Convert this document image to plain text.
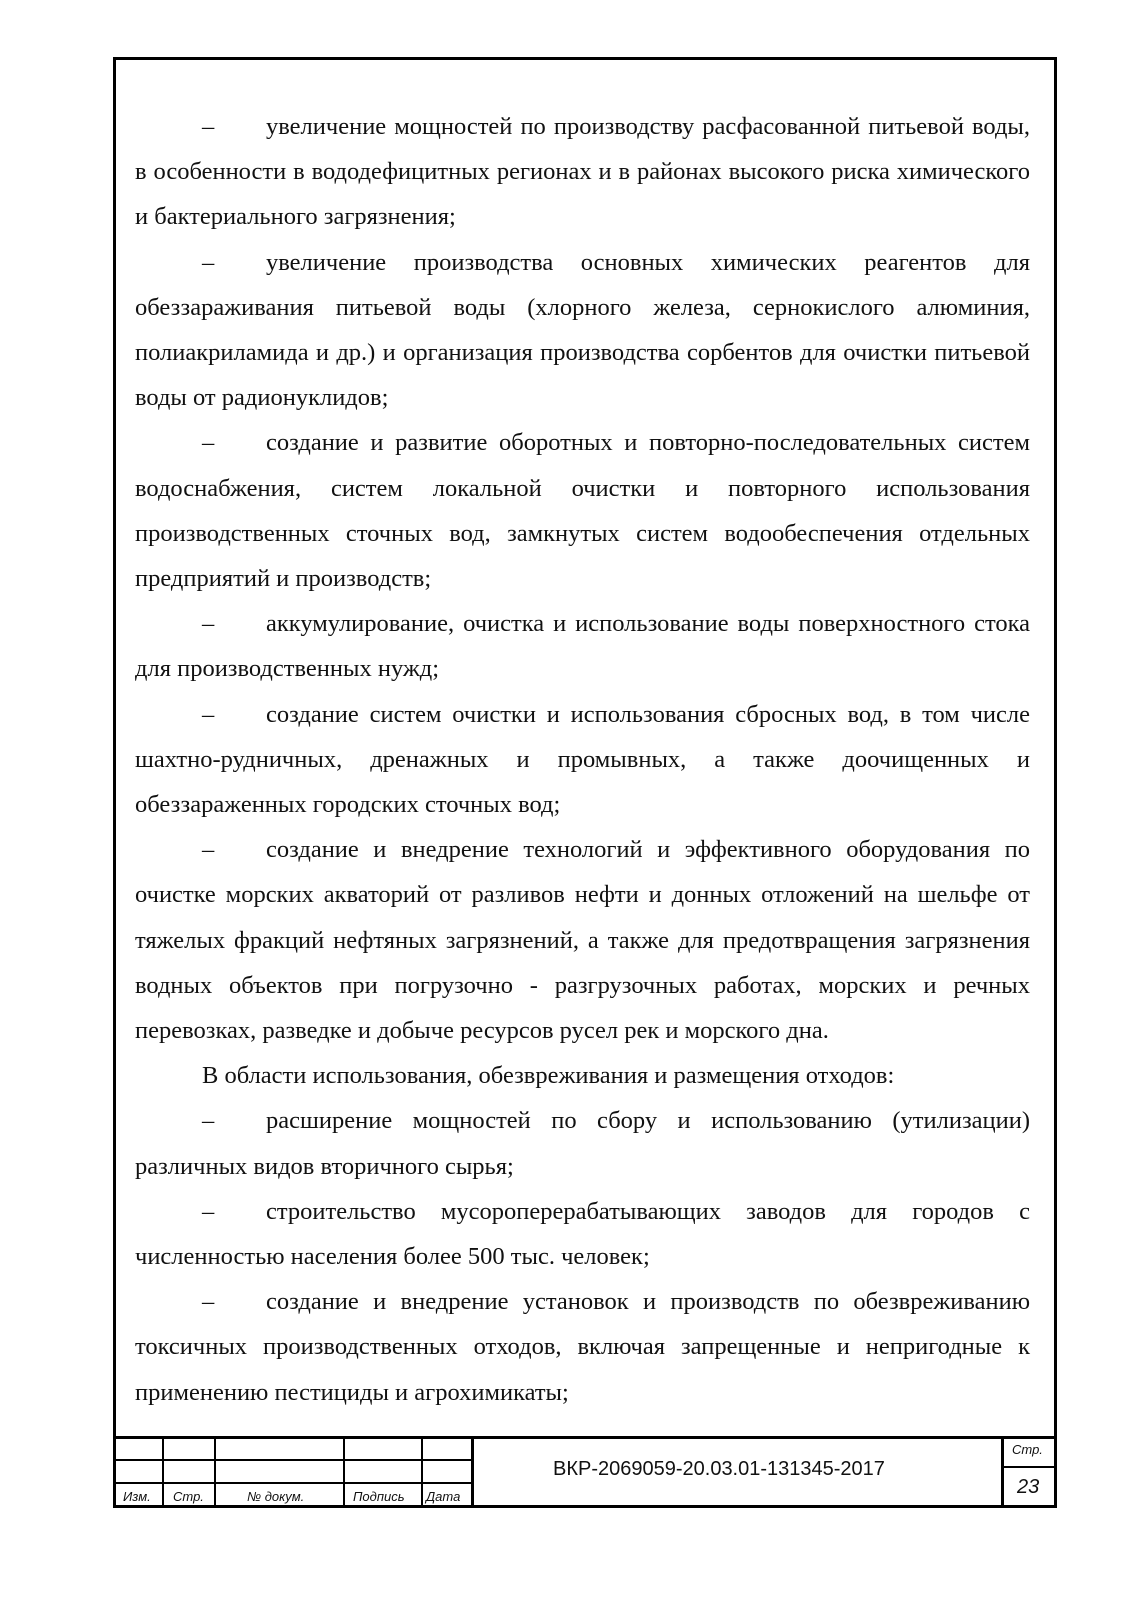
– увеличение мощностей по производству расфасованной питьевой воды, в особенности в вододефицитных регионах и в районах высокого риска химического и бактериального загрязнения;

– увеличение производства основных химических реагентов для обеззараживания питьевой воды (хлорного железа, сернокислого алюминия, полиакриламида и др.) и организация производства сорбентов для очистки питьевой воды от радионуклидов;

– создание и развитие оборотных и повторно-последовательных систем водоснабжения, систем локальной очистки и повторного использования производственных сточных вод, замкнутых систем водообеспечения отдельных предприятий и производств;

– аккумулирование, очистка и использование воды поверхностного стока для производственных нужд;

– создание систем очистки и использования сбросных вод, в том числе шахтно-рудничных, дренажных и промывных, а также доочищенных и обеззараженных городских сточных вод;

– создание и внедрение технологий и эффективного оборудования по очистке морских акваторий от разливов нефти и донных отложений на шельфе от тяжелых фракций нефтяных загрязнений, а также для предотвращения загрязнения водных объектов при погрузочно - разгрузочных работах, морских и речных перевозках, разведке и добыче ресурсов русел рек и морского дна.

В области использования, обезвреживания и размещения отходов:

– расширение мощностей по сбору и использованию (утилизации) различных видов вторичного сырья;

– строительство мусороперерабатывающих заводов для городов с численностью населения более 500 тыс. человек;

– создание и внедрение установок и производств по обезвреживанию токсичных производственных отходов, включая запрещенные и непригодные к применению пестициды и агрохимикаты;

Изм. Стр.	№ докум.	Подпись Дата
ВКР-2069059-20.03.01-131345-2017
Стр.
23
